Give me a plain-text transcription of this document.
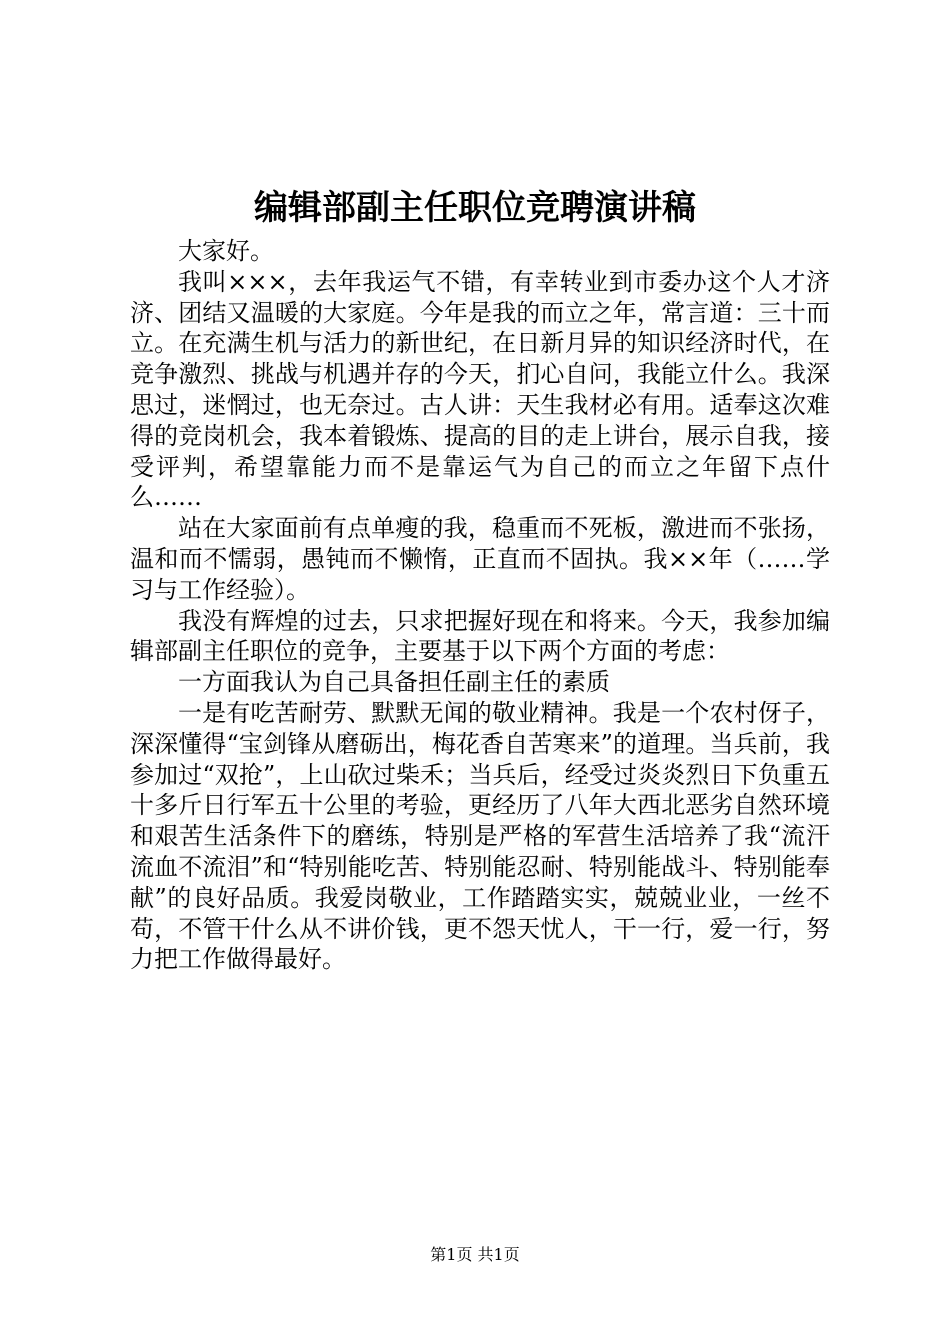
编辑部副主任职位竞聘演讲稿

大家好。

我叫×××，去年我运气不错，有幸转业到市委办这个人才济济、团结又温暖的大家庭。今年是我的而立之年，常言道：三十而立。在充满生机与活力的新世纪，在日新月异的知识经济时代，在竞争激烈、挑战与机遇并存的今天，扪心自问，我能立什么。我深思过，迷惘过，也无奈过。古人讲：天生我材必有用。适奉这次难得的竞岗机会，我本着锻炼、提高的目的走上讲台，展示自我，接受评判，希望靠能力而不是靠运气为自己的而立之年留下点什么……

站在大家面前有点单瘦的我，稳重而不死板，激进而不张扬，温和而不懦弱，愚钝而不懒惰，正直而不固执。我××年（……学习与工作经验）。

我没有辉煌的过去，只求把握好现在和将来。今天，我参加编辑部副主任职位的竞争，主要基于以下两个方面的考虑：

一方面我认为自己具备担任副主任的素质

一是有吃苦耐劳、默默无闻的敬业精神。我是一个农村伢子，深深懂得“宝剑锋从磨砺出，梅花香自苦寒来”的道理。当兵前，我参加过“双抢”，上山砍过柴禾；当兵后，经受过炎炎烈日下负重五十多斤日行军五十公里的考验，更经历了八年大西北恶劣自然环境和艰苦生活条件下的磨练，特别是严格的军营生活培养了我“流汗流血不流泪”和“特别能吃苦、特别能忍耐、特别能战斗、特别能奉献”的良好品质。我爱岗敬业，工作踏踏实实，兢兢业业，一丝不苟，不管干什么从不讲价钱，更不怨天忧人，干一行，爱一行，努力把工作做得最好。

第1页 共1页
